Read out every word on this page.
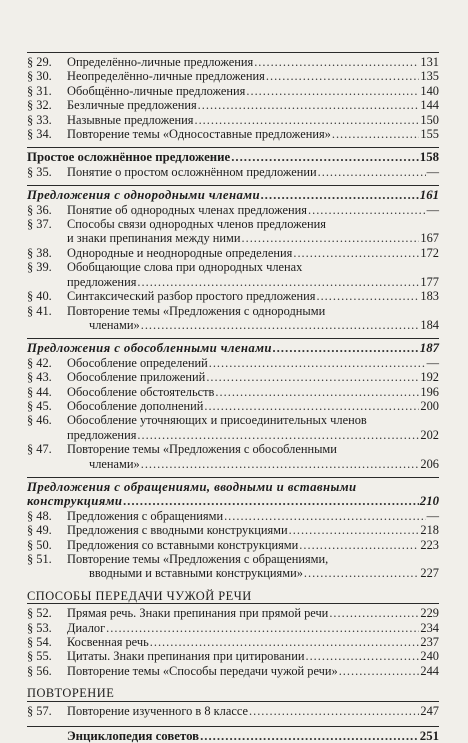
§ 29.	Определённо-личные предложения .....	131
§ 30.	Неопределённо-личные предложения .....	135
§ 31.	Обобщённо-личные предложения .....	140
§ 32.	Безличные предложения .....	144
§ 33.	Назывные предложения .....	150
§ 34.	Повторение темы «Односоставные предложения» .....	155
Простое осложнённое предложение .....	158
§ 35.	Понятие о простом осложнённом предложении .....	—
Предложения с однородными членами .....	161
§ 36.	Понятие об однородных членах предложения .....	—
§ 37.	Способы связи однородных членов предложения
и знаки препинания между ними .....	167
§ 38.	Однородные и неоднородные определения .....	172
§ 39.	Обобщающие слова при однородных членах
предложения .....	177
§ 40.	Синтаксический разбор простого предложения .....	183
§ 41.	Повторение темы «Предложения с однородными
членами» .....	184
Предложения с обособленными членами .....	187
§ 42.	Обособление определений .....	—
§ 43.	Обособление приложений .....	192
§ 44.	Обособление обстоятельств .....	196
§ 45.	Обособление дополнений .....	200
§ 46.	Обособление уточняющих и присоединительных членов
предложения .....	202
§ 47.	Повторение темы «Предложения с обособленными
членами» .....	206
Предложения с обращениями, вводными и вставными
конструкциями .....	210
§ 48.	Предложения с обращениями .....	—
§ 49.	Предложения с вводными конструкциями .....	218
§ 50.	Предложения со вставными конструкциями .....	223
§ 51.	Повторение темы «Предложения с обращениями,
вводными и вставными конструкциями» .....	227
СПОСОБЫ ПЕРЕДАЧИ ЧУЖОЙ РЕЧИ
§ 52.	Прямая речь. Знаки препинания при прямой речи .....	229
§ 53.	Диалог .....	234
§ 54.	Косвенная речь .....	237
§ 55.	Цитаты. Знаки препинания при цитировании .....	240
§ 56.	Повторение темы «Способы передачи чужой речи» .....	244
ПОВТОРЕНИЕ
§ 57.	Повторение изученного в 8 классе .....	247
Энциклопедия советов .....	251
